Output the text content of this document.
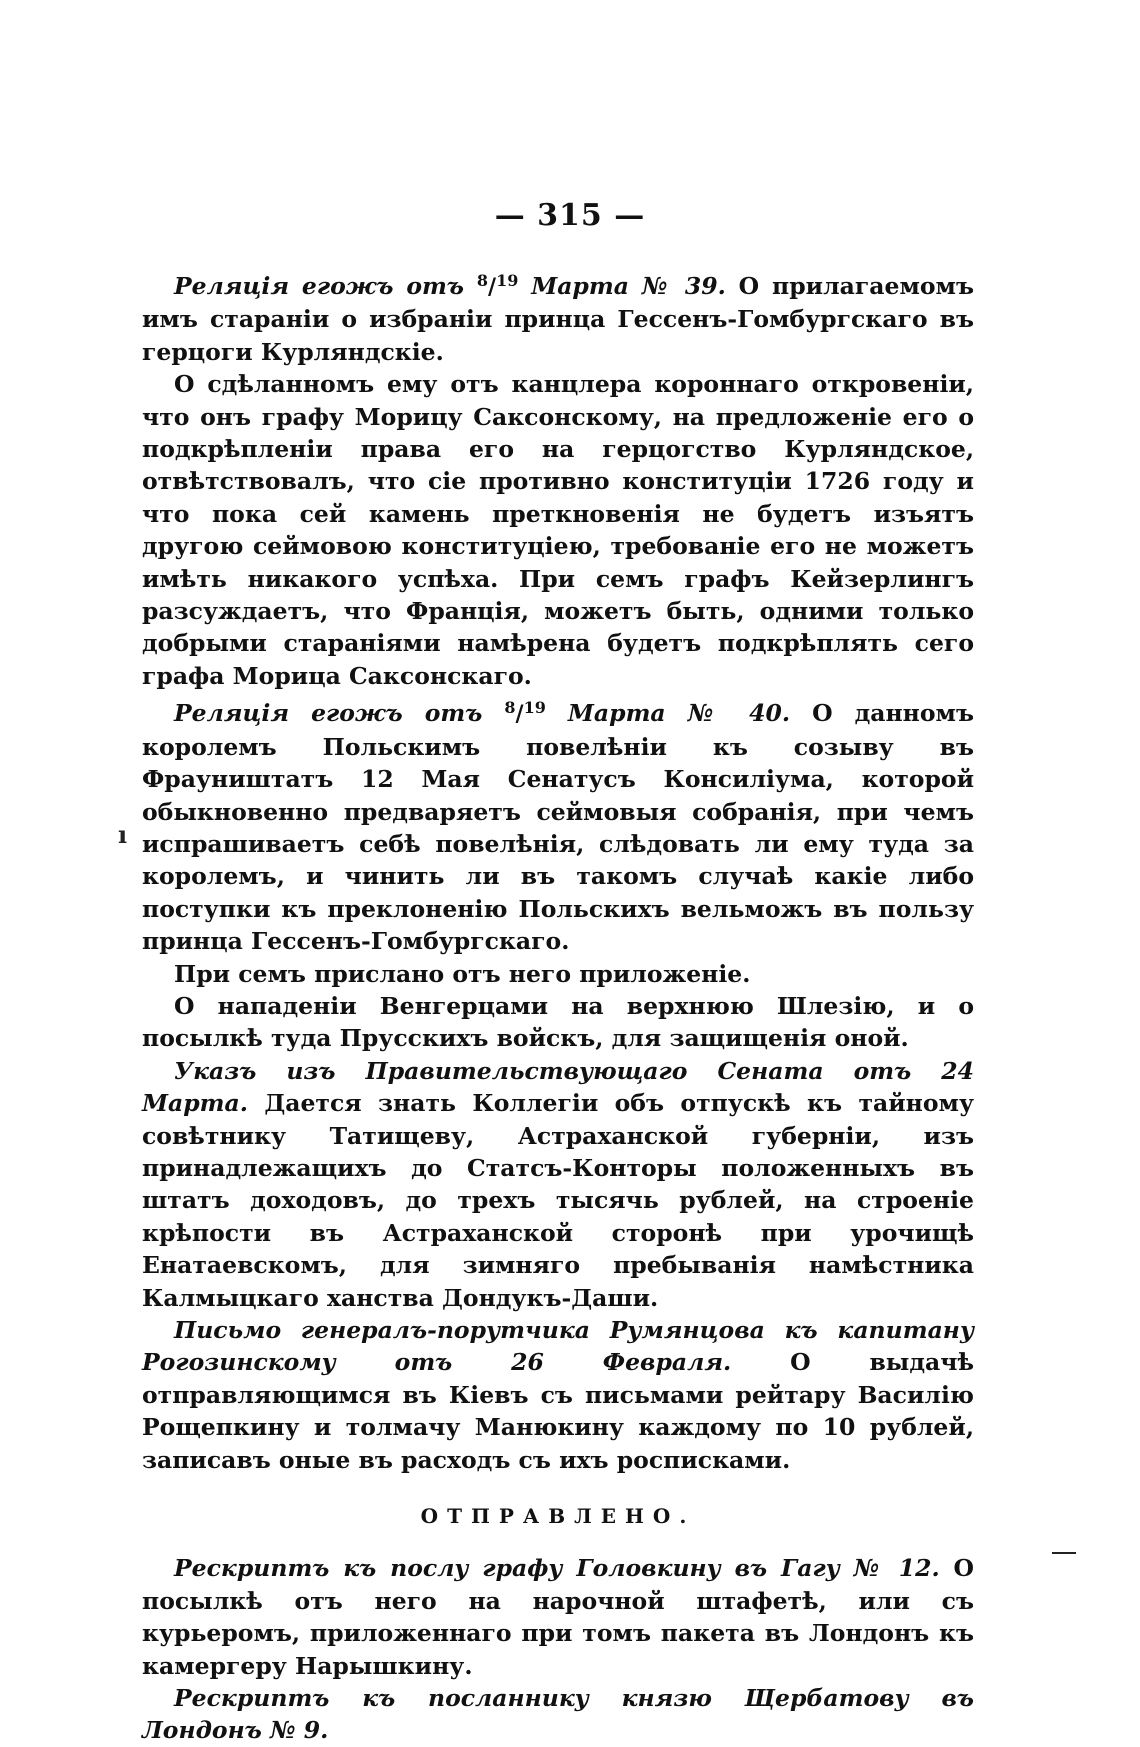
— 315 —

Реляція егожъ отъ $^8$/$^{19}$ Марта № 39. О прилагаемомъ имъ стараніи о избраніи принца Гессенъ-Гомбургскаго въ герцоги Курляндскіе.

О сдѣланномъ ему отъ канцлера короннаго откровеніи, что онъ графу Морицу Саксонскому, на предложеніе его о подкрѣпленіи права его на герцогство Курляндское, отвѣтствовалъ, что сіе противно конституціи 1726 году и что пока сей камень преткновенія не будетъ изъятъ другою сеймовою конституціею, требованіе его не можетъ имѣть никакого успѣха. При семъ графъ Кейзерлингъ разсуждаетъ, что Франція, можетъ быть, одними только добрыми стараніями намѣрена будетъ подкрѣплять сего графа Морица Саксонскаго.

Реляція егожъ отъ $^8$/$^{19}$ Марта № 40. О данномъ королемъ Польскимъ повелѣніи къ созыву въ Фрауништатъ 12 Мая Сенатусъ Консиліума, которой обыкновенно предваряетъ сеймовыя собранія, при чемъ испрашиваетъ себѣ повелѣнія, слѣдовать ли ему туда за королемъ, и чинить ли въ такомъ случаѣ какіе либо поступки къ преклоненію Польскихъ вельможъ въ пользу принца Гессенъ-Гомбургскаго.

При семъ прислано отъ него приложеніе.

О нападеніи Венгерцами на верхнюю Шлезію, и о посылкѣ туда Прусскихъ войскъ, для защищенія оной.

Указъ изъ Правительствующаго Сената отъ 24 Марта. Дается знать Коллегіи объ отпускѣ къ тайному совѣтнику Татищеву, Астраханской губерніи, изъ принадлежащихъ до Статсъ-Конторы положенныхъ въ штатъ доходовъ, до трехъ тысячь рублей, на строеніе крѣпости въ Астраханской сторонѣ при урочищѣ Енатаевскомъ, для зимняго пребыванія намѣстника Калмыцкаго ханства Дондукъ-Даши.

Письмо генералъ-порутчика Румянцова къ капитану Рогозинскому отъ 26 Февраля. О выдачѣ отправляющимся въ Кіевъ съ письмами рейтару Василію Рощепкину и толмачу Манюкину каждому по 10 рублей, записавъ оные въ расходъ съ ихъ росписками.

ОТПРАВЛЕНО.

Рескриптъ къ послу графу Головкину въ Гагу № 12. О посылкѣ отъ него на нарочной штафетѣ, или съ курьеромъ, приложеннаго при томъ пакета въ Лондонъ къ камергеру Нарышкину.

Рескриптъ къ посланнику князю Щербатову въ Лондонъ № 9.

ı
